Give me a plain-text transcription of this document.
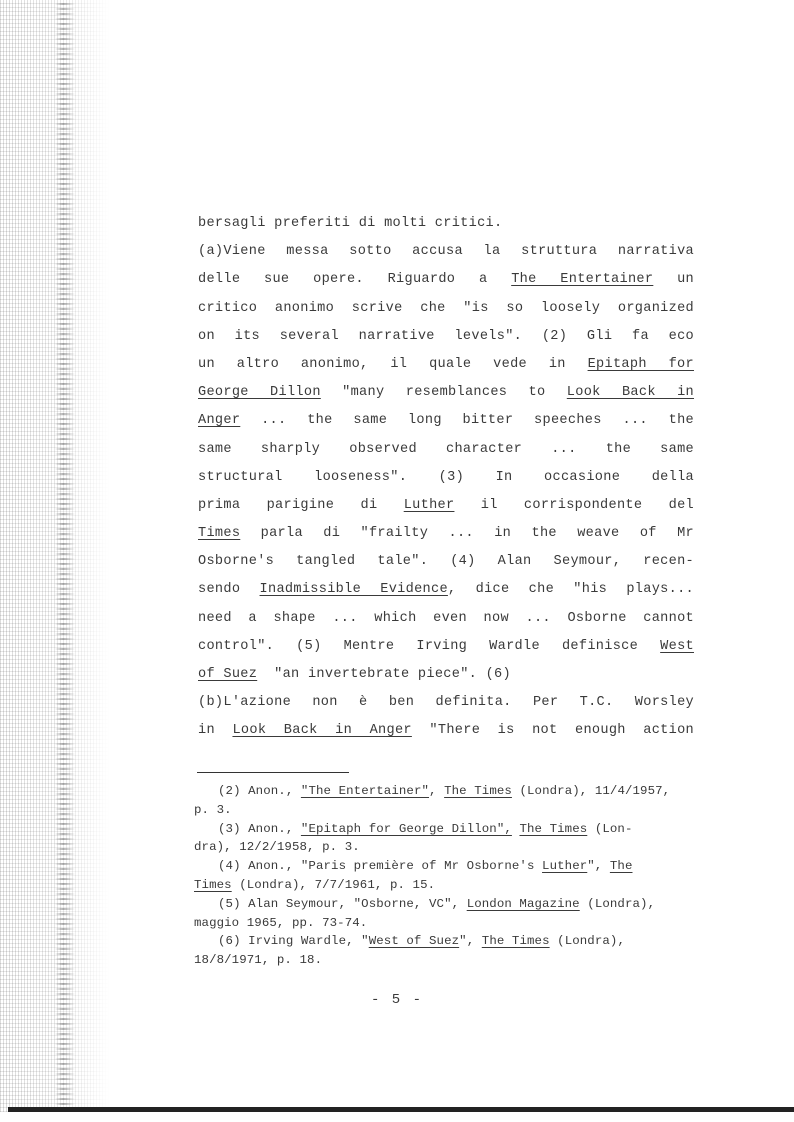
bersagli preferiti di molti critici.
(a)Viene messa sotto accusa la struttura narrativa
delle sue opere. Riguardo a The Entertainer un
critico anonimo scrive che "is so loosely organized
on its several narrative levels". (2) Gli fa eco
un altro anonimo, il quale vede in Epitaph for
George Dillon "many resemblances to Look Back in
Anger ... the same long bitter speeches ... the
same sharply observed character ... the same
structural looseness". (3) In occasione della
prima parigine di Luther il corrispondente del
Times parla di "frailty ... in the weave of Mr
Osborne's tangled tale". (4) Alan Seymour, recen-
sendo Inadmissible Evidence, dice che "his plays...
need a shape ... which even now ... Osborne cannot
control". (5) Mentre Irving Wardle definisce West
of Suez "an invertebrate piece". (6)
(b)L'azione non è ben definita. Per T.C. Worsley
in Look Back in Anger "There is not enough action
(2) Anon., "The Entertainer", The Times (Londra), 11/4/1957,
p. 3.
(3) Anon., "Epitaph for George Dillon", The Times (Lon-
dra), 12/2/1958, p. 3.
(4) Anon., "Paris première of Mr Osborne's Luther", The
Times (Londra), 7/7/1961, p. 15.
(5) Alan Seymour, "Osborne, VC", London Magazine (Londra),
maggio 1965, pp. 73-74.
(6) Irving Wardle, "West of Suez", The Times (Londra),
18/8/1971, p. 18.
- 5 -
